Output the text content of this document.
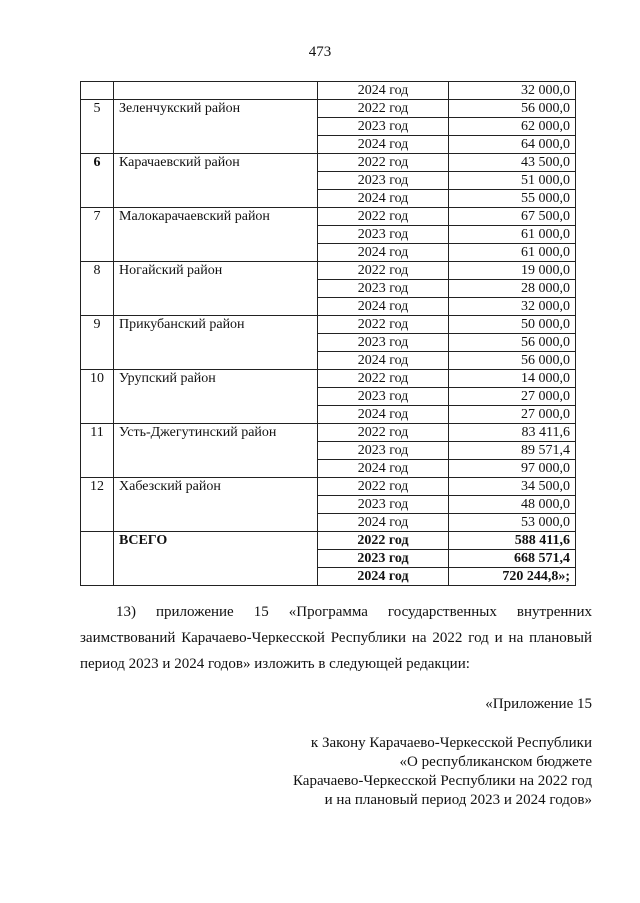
473
		2024 год	32 000,0
5	Зеленчукский район	2022 год	56 000,0
		2023 год	62 000,0
		2024 год	64 000,0
6	Карачаевский район	2022 год	43 500,0
		2023 год	51 000,0
		2024 год	55 000,0
7	Малокарачаевский район	2022 год	67 500,0
		2023 год	61 000,0
		2024 год	61 000,0
8	Ногайский район	2022 год	19 000,0
		2023 год	28 000,0
		2024 год	32 000,0
9	Прикубанский район	2022 год	50 000,0
		2023 год	56 000,0
		2024 год	56 000,0
10	Урупский район	2022 год	14 000,0
		2023 год	27 000,0
		2024 год	27 000,0
11	Усть-Джегутинский район	2022 год	83 411,6
		2023 год	89 571,4
		2024 год	97 000,0
12	Хабезский район	2022 год	34 500,0
		2023 год	48 000,0
		2024 год	53 000,0
	ВСЕГО	2022 год	588 411,6
		2023 год	668 571,4
		2024 год	720 244,8»;
13) приложение 15 «Программа государственных внутренних заимствований Карачаево-Черкесской Республики на 2022 год и на плановый период 2023 и 2024 годов» изложить в следующей редакции:
«Приложение 15
к Закону Карачаево-Черкесской Республики
«О республиканском бюджете
Карачаево-Черкесской Республики на 2022 год
и на плановый период 2023 и 2024 годов»
